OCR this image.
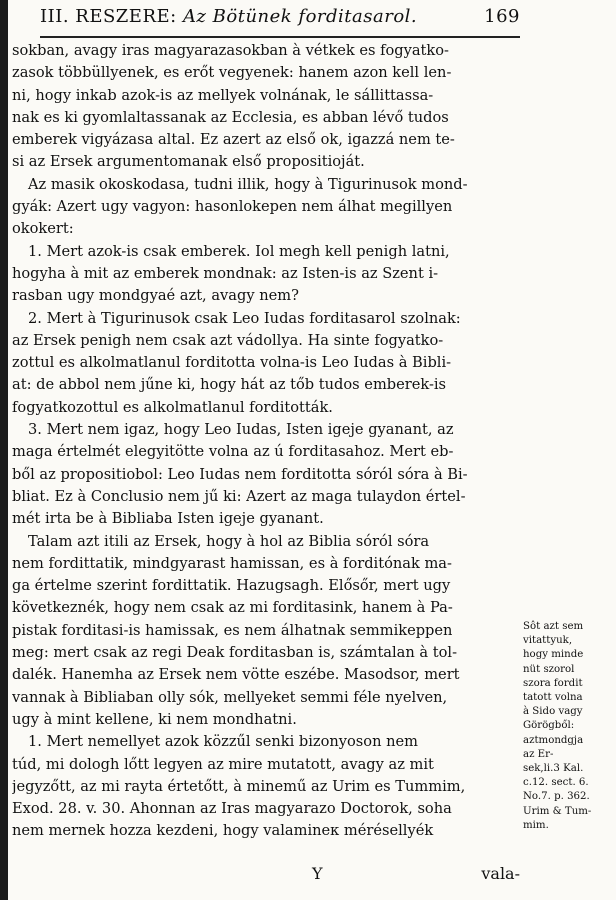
III. RESZERE: Az Bötünek forditasarol.	169
sokban, avagy iras magyarazasokban à vétkek es fogyatko-
zasok többüllyenek, es erőt vegyenek: hanem azon kell len-
ni, hogy inkab azok-is az mellyek volnának, le sállittassa-
nak es ki gyomlaltassanak az Ecclesia, es abban lévő tudos
emberek vigyázasa altal. Ez azert az első ok, igazzá nem te-
si az Ersek argumentomanak első propositioját.
Az masik okoskodasa, tudni illik, hogy à Tigurinusok mond-
gyák: Azert ugy vagyon: hasonlokepen nem álhat megillyen
okokert:
1. Mert azok-is csak emberek. Iol megh kell penigh latni,
hogyha à mit az emberek mondnak: az Isten-is az Szent i-
rasban ugy mondgyaé azt, avagy nem?
2. Mert à Tigurinusok csak Leo Iudas forditasarol szolnak:
az Ersek penigh nem csak azt vádollya. Ha sinte fogyatko-
zottul es alkolmatlanul forditotta volna-is Leo Iudas à Bibli-
at: de abbol nem jűne ki, hogy hát az tőb tudos emberek-is
fogyatkozottul es alkolmatlanul forditották.
3. Mert nem igaz, hogy Leo Iudas, Isten igeje gyanant, az
maga értelmét elegyitötte volna az ú forditasahoz. Mert eb-
ből az propositiobol: Leo Iudas nem forditotta sóról sóra à Bi-
bliat. Ez à Conclusio nem jű ki: Azert az maga tulaydon értel-
mét irta be à Bibliaba Isten igeje gyanant.
Talam azt itili az Ersek, hogy à hol az Biblia sóról sóra
nem fordittatik, mindgyarast hamissan, es à forditónak ma-
ga értelme szerint fordittatik. Hazugsagh. Elősőr, mert ugy
következnék, hogy nem csak az mi forditasink, hanem à Pa-
pistak forditasi-is hamissak, es nem álhatnak semmikeppen
meg: mert csak az regi Deak forditasban is, számtalan à tol-
dalék. Hanemha az Ersek nem vötte eszébe. Masodsor, mert
vannak à Bibliaban olly sók, mellyeket semmi féle nyelven,
ugy à mint kellene, ki nem mondhatni.
1. Mert nemellyet azok közzűl senki bizonyoson nem
túd, mi dologh lőtt legyen az mire mutatott, avagy az mit
jegyzőtt, az mi rayta értetőtt, à minemű az Urim es Tummim,
Exod. 28. v. 30. Ahonnan az Iras magyarazo Doctorok, soha
nem mernek hozza kezdeni, hogy valamineк mérésellyék
Sôt azt sem
vitattyuk,
hogy minde
nüt szorol
szora fordit
tatott volna
à Sido vagy
Görögből:
aztmondgja
az Er-
sek,li.3 Kal.
c.12. sect. 6.
No.7. p. 362.
Urim & Tum-
mim.
Y	vala-
